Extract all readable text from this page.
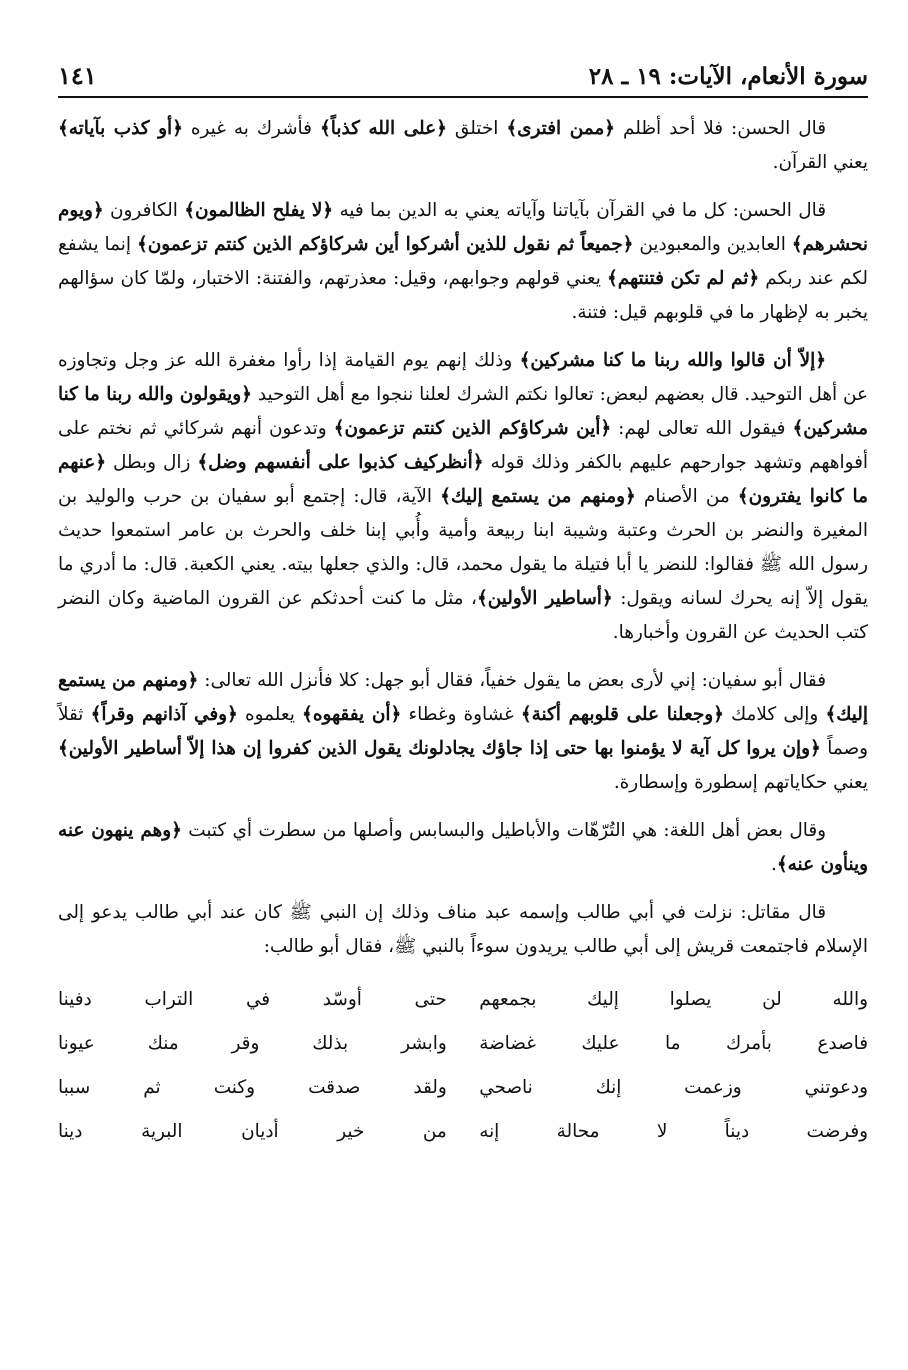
سورة الأنعام، الآيات: ١٩ ـ ٢٨
١٤١

قال الحسن: فلا أحد أظلم ﴿ممن افترى﴾ اختلق ﴿على الله كذباً﴾ فأشرك به غيره ﴿أو كذب بآياته﴾ يعني القرآن.

قال الحسن: كل ما في القرآن بآياتنا وآياته يعني به الدين بما فيه ﴿لا يفلح الظالمون﴾ الكافرون ﴿ويوم نحشرهم﴾ العابدين والمعبودين ﴿جميعاً ثم نقول للذين أشركوا أين شركاؤكم الذين كنتم تزعمون﴾ إنما يشفع لكم عند ربكم ﴿ثم لم تكن فتنتهم﴾ يعني قولهم وجوابهم، وقيل: معذرتهم، والفتنة: الاختبار، ولمّا كان سؤالهم يخبر به لإظهار ما في قلوبهم قيل: فتنة.

﴿إلاّ أن قالوا والله ربنا ما كنا مشركين﴾ وذلك إنهم يوم القيامة إذا رأوا مغفرة الله عز وجل وتجاوزه عن أهل التوحيد. قال بعضهم لبعض: تعالوا نكتم الشرك لعلنا ننجوا مع أهل التوحيد ﴿ويقولون والله ربنا ما كنا مشركين﴾ فيقول الله تعالى لهم: ﴿أين شركاؤكم الذين كنتم تزعمون﴾ وتدعون أنهم شركائي ثم نختم على أفواههم وتشهد جوارحهم عليهم بالكفر وذلك قوله ﴿أنظركيف كذبوا على أنفسهم وضل﴾ زال وبطل ﴿عنهم ما كانوا يفترون﴾ من الأصنام ﴿ومنهم من يستمع إليك﴾ الآية، قال: إجتمع أبو سفيان بن حرب والوليد بن المغيرة والنضر بن الحرث وعتبة وشيبة ابنا ربيعة وأمية وأُبي إبنا خلف والحرث بن عامر استمعوا حديث رسول الله ﷺ فقالوا: للنضر يا أبا فتيلة ما يقول محمد، قال: والذي جعلها بيته. يعني الكعبة. قال: ما أدري ما يقول إلاّ إنه يحرك لسانه ويقول: ﴿أساطير الأولين﴾، مثل ما كنت أحدثكم عن القرون الماضية وكان النضر كتب الحديث عن القرون وأخبارها.

فقال أبو سفيان: إني لأرى بعض ما يقول خفياً، فقال أبو جهل: كلا فأنزل الله تعالى: ﴿ومنهم من يستمع إليك﴾ وإلى كلامك ﴿وجعلنا على قلوبهم أكنة﴾ غشاوة وغطاء ﴿أن يفقهوه﴾ يعلموه ﴿وفي آذانهم وقراً﴾ ثقلاً وصماً ﴿وإن يروا كل آية لا يؤمنوا بها حتى إذا جاؤك يجادلونك يقول الذين كفروا إن هذا إلاّ أساطير الأولين﴾ يعني حكاياتهم إسطورة وإسطارة.

وقال بعض أهل اللغة: هي التُرّهّات والأباطيل والبسابس وأصلها من سطرت أي كتبت ﴿وهم ينهون عنه وينأون عنه﴾.

قال مقاتل: نزلت في أبي طالب وإسمه عبد مناف وذلك إن النبي ﷺ كان عند أبي طالب يدعو إلى الإسلام فاجتمعت قريش إلى أبي طالب يريدون سوءاً بالنبي ﷺ، فقال أبو طالب:

والله لن يصلوا إليك بجمعهم
حتى أوسّد في التراب دفينا
فاصدع بأمرك ما عليك غضاضة
وابشر بذلك وقر منك عيونا
ودعوتني وزعمت إنك ناصحي
ولقد صدقت وكنت ثم سببا
وفرضت ديناً لا محالة إنه
من خير أديان البرية دينا
